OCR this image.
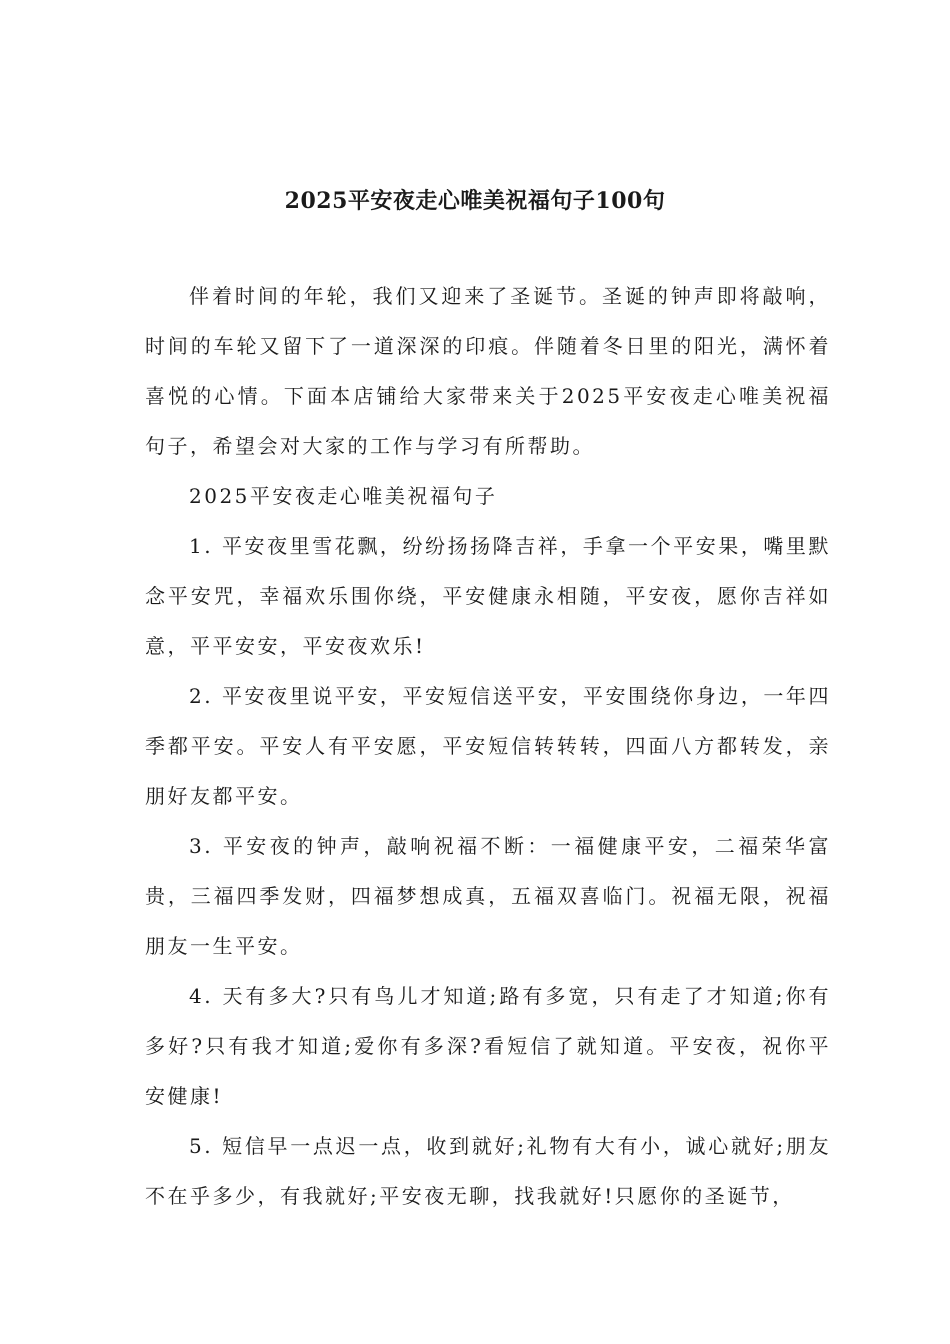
2025平安夜走心唯美祝福句子100句

伴着时间的年轮，我们又迎来了圣诞节。圣诞的钟声即将敲响，时间的车轮又留下了一道深深的印痕。伴随着冬日里的阳光，满怀着喜悦的心情。下面本店铺给大家带来关于2025平安夜走心唯美祝福句子，希望会对大家的工作与学习有所帮助。

2025平安夜走心唯美祝福句子

1. 平安夜里雪花飘，纷纷扬扬降吉祥，手拿一个平安果，嘴里默念平安咒，幸福欢乐围你绕，平安健康永相随，平安夜，愿你吉祥如意，平平安安，平安夜欢乐!

2. 平安夜里说平安，平安短信送平安，平安围绕你身边，一年四季都平安。平安人有平安愿，平安短信转转转，四面八方都转发，亲朋好友都平安。

3. 平安夜的钟声，敲响祝福不断：一福健康平安，二福荣华富贵，三福四季发财，四福梦想成真，五福双喜临门。祝福无限，祝福朋友一生平安。

4. 天有多大?只有鸟儿才知道;路有多宽，只有走了才知道;你有多好?只有我才知道;爱你有多深?看短信了就知道。平安夜，祝你平安健康!

5. 短信早一点迟一点，收到就好;礼物有大有小，诚心就好;朋友不在乎多少，有我就好;平安夜无聊，找我就好!只愿你的圣诞节，
